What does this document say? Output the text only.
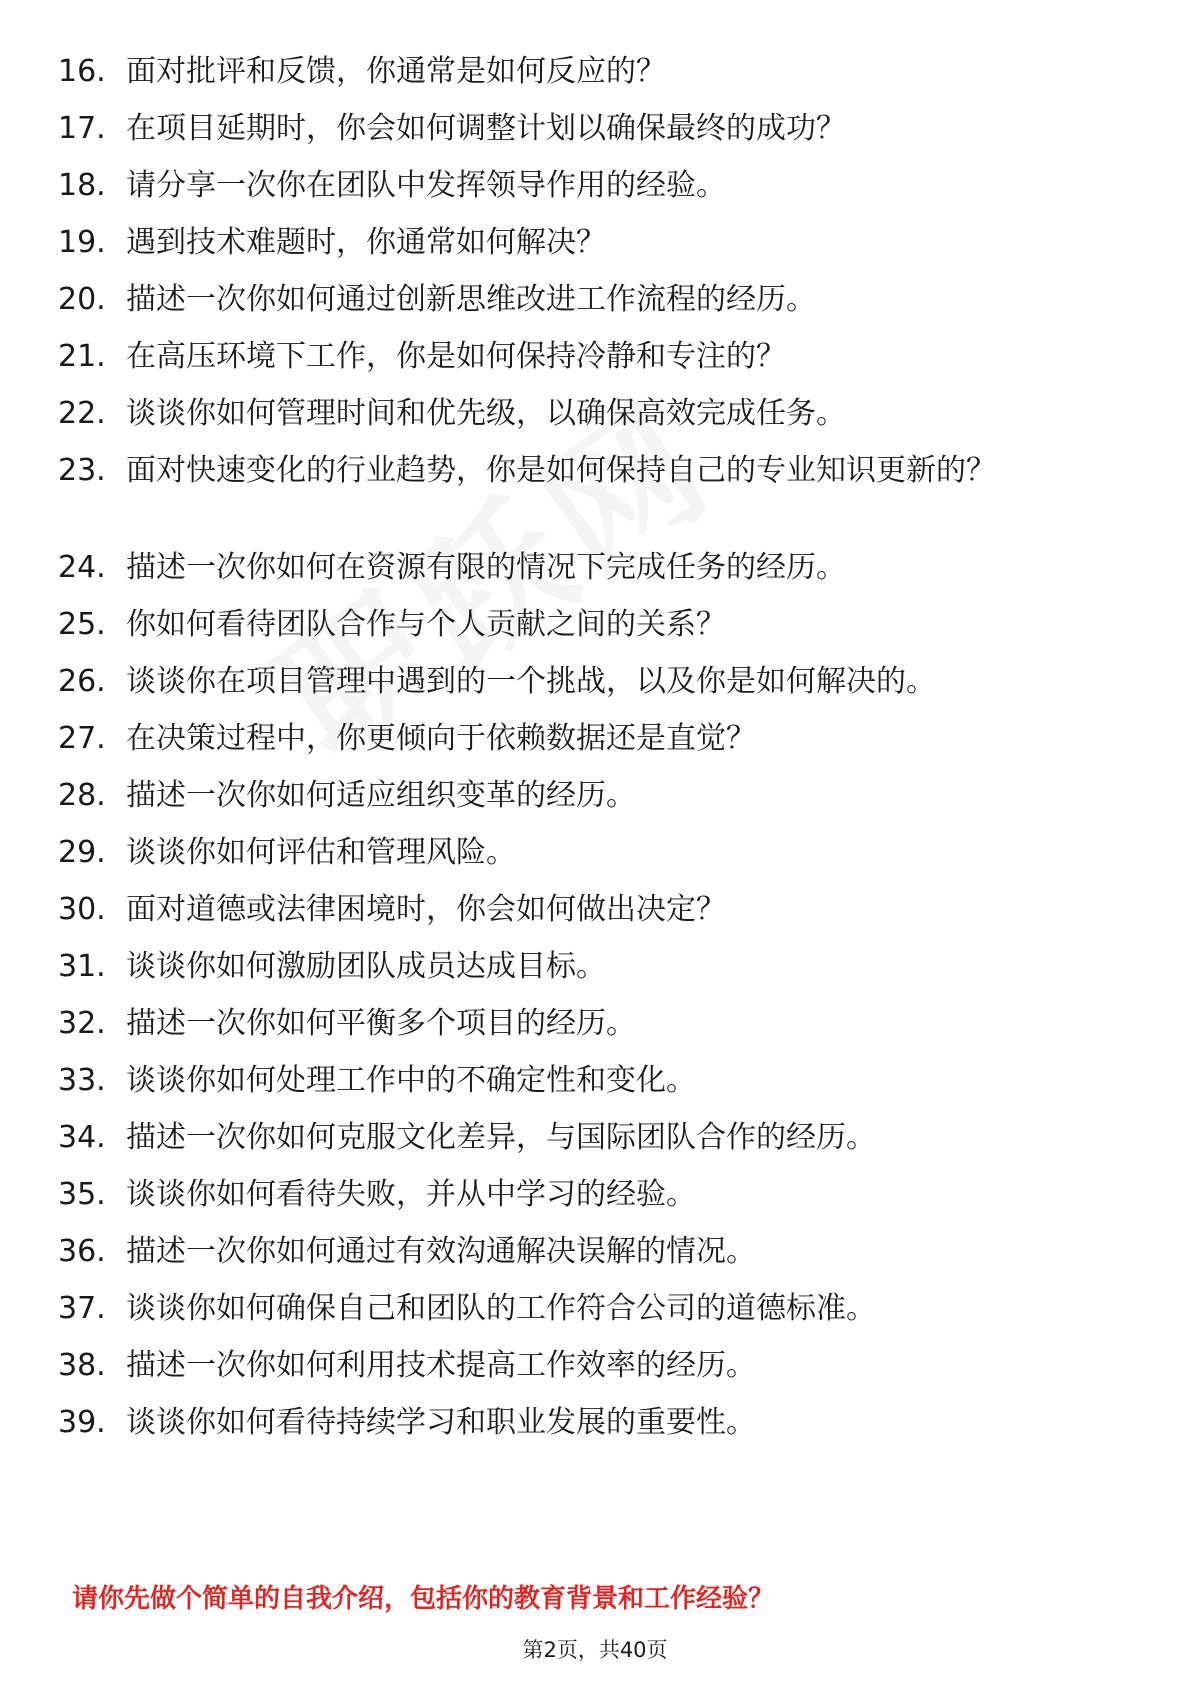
16. 面对批评和反馈，你通常是如何反应的？
17. 在项目延期时，你会如何调整计划以确保最终的成功？
18. 请分享一次你在团队中发挥领导作用的经验。
19. 遇到技术难题时，你通常如何解决？
20. 描述一次你如何通过创新思维改进工作流程的经历。
21. 在高压环境下工作，你是如何保持冷静和专注的？
22. 谈谈你如何管理时间和优先级，以确保高效完成任务。
23. 面对快速变化的行业趋势，你是如何保持自己的专业知识更新的？
24. 描述一次你如何在资源有限的情况下完成任务的经历。
25. 你如何看待团队合作与个人贡献之间的关系？
26. 谈谈你在项目管理中遇到的一个挑战，以及你是如何解决的。
27. 在决策过程中，你更倾向于依赖数据还是直觉？
28. 描述一次你如何适应组织变革的经历。
29. 谈谈你如何评估和管理风险。
30. 面对道德或法律困境时，你会如何做出决定？
31. 谈谈你如何激励团队成员达成目标。
32. 描述一次你如何平衡多个项目的经历。
33. 谈谈你如何处理工作中的不确定性和变化。
34. 描述一次你如何克服文化差异，与国际团队合作的经历。
35. 谈谈你如何看待失败，并从中学习的经验。
36. 描述一次你如何通过有效沟通解决误解的情况。
37. 谈谈你如何确保自己和团队的工作符合公司的道德标准。
38. 描述一次你如何利用技术提高工作效率的经历。
39. 谈谈你如何看待持续学习和职业发展的重要性。
请你先做个简单的自我介绍，包括你的教育背景和工作经验？
第2页，共40页
